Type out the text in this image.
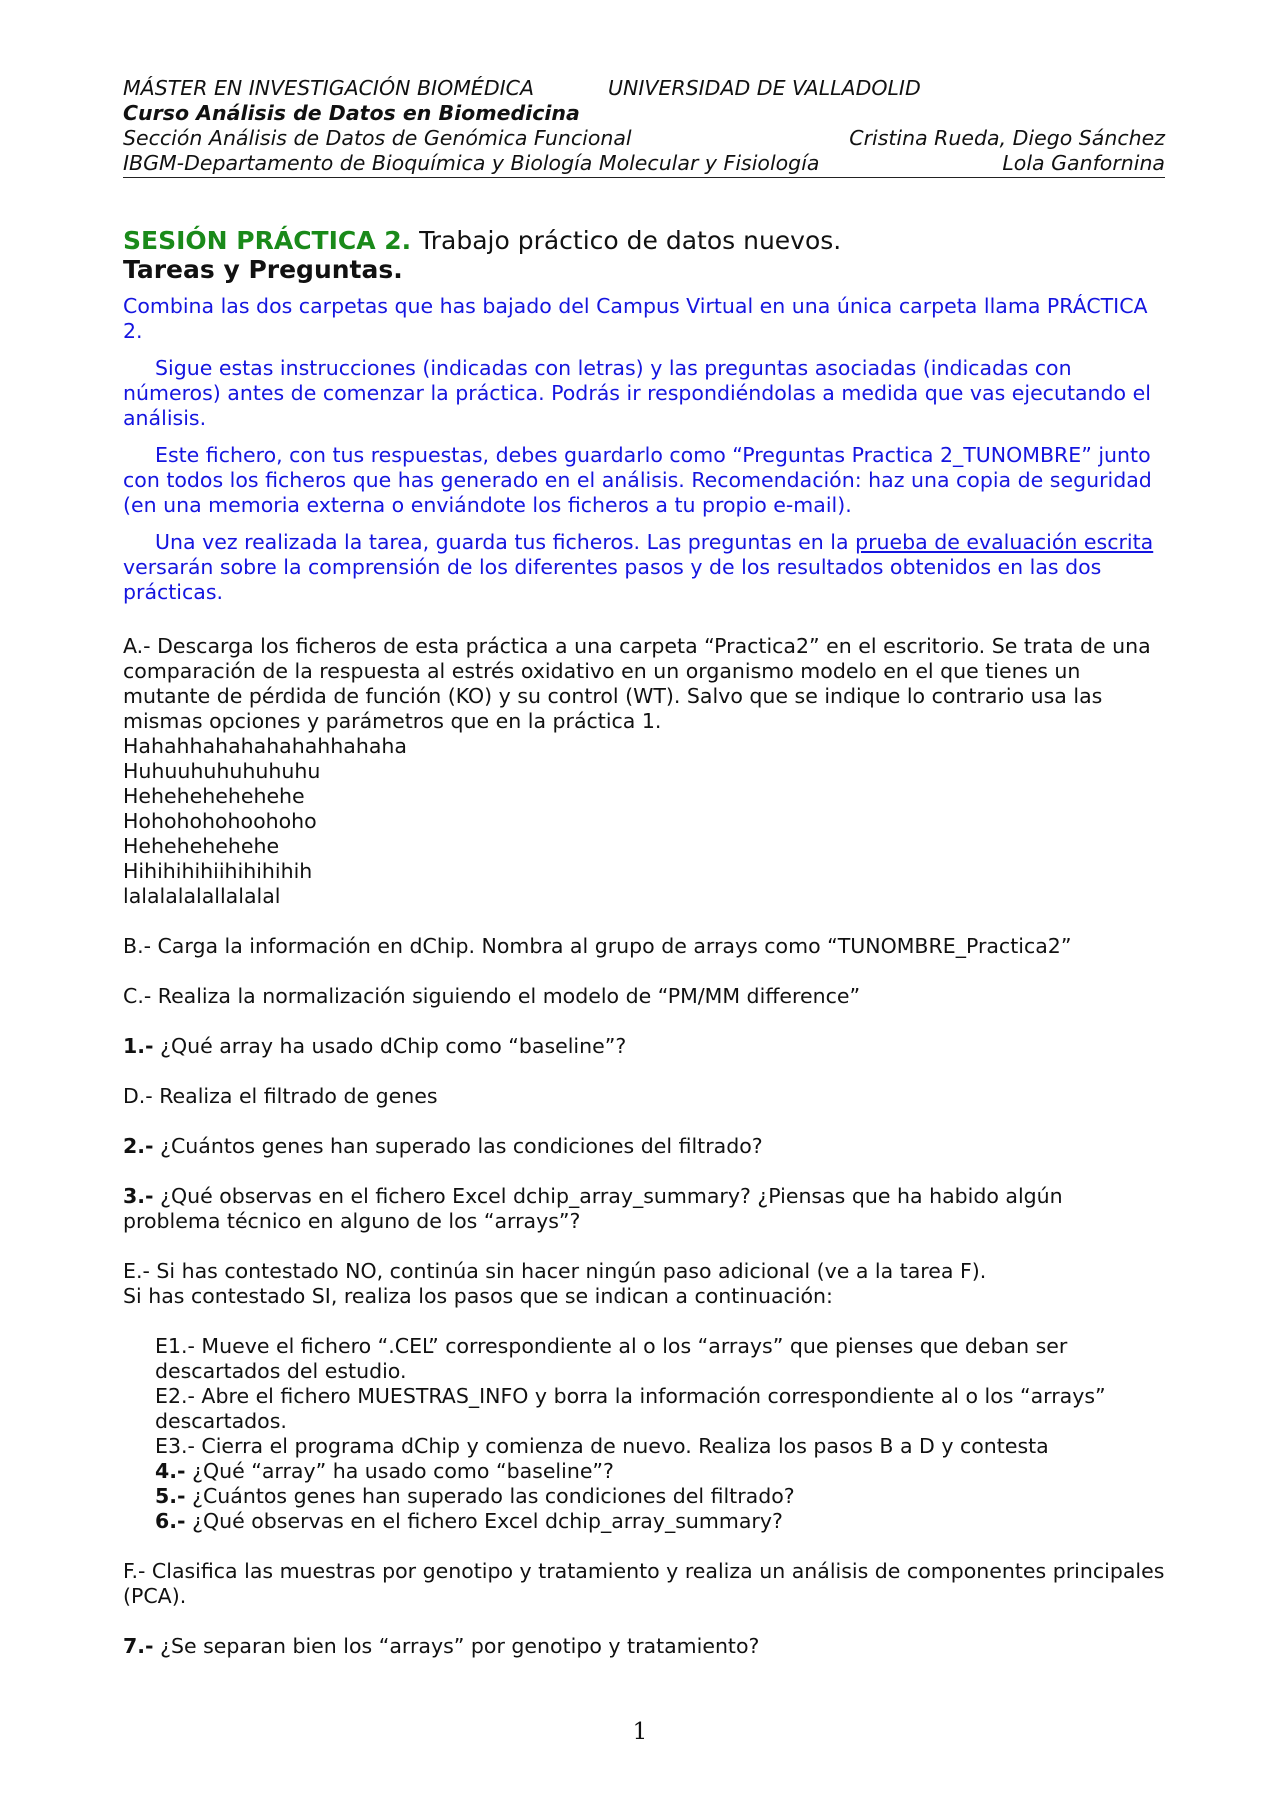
MÁSTER EN INVESTIGACIÓN BIOMÉDICA	UNIVERSIDAD DE VALLADOLID
Curso Análisis de Datos en Biomedicina
Sección Análisis de Datos de Genómica Funcional	Cristina Rueda, Diego Sánchez
IBGM-Departamento de Bioquímica y Biología Molecular y Fisiología	Lola Ganfornina
SESIÓN PRÁCTICA 2. Trabajo práctico de datos nuevos.
Tareas y Preguntas.

Combina las dos carpetas que has bajado del Campus Virtual en una única carpeta llama PRÁCTICA 2.

Sigue estas instrucciones (indicadas con letras) y las preguntas asociadas (indicadas con números) antes de comenzar la práctica. Podrás ir respondiéndolas a medida que vas ejecutando el análisis.

Este fichero, con tus respuestas, debes guardarlo como “Preguntas Practica 2_TUNOMBRE” junto con todos los ficheros que has generado en el análisis. Recomendación: haz una copia de seguridad (en una memoria externa o enviándote los ficheros a tu propio e-mail).

Una vez realizada la tarea, guarda tus ficheros. Las preguntas en la prueba de evaluación escrita versarán sobre la comprensión de los diferentes pasos y de los resultados obtenidos en las dos prácticas.

A.- Descarga los ficheros de esta práctica a una carpeta “Practica2” en el escritorio. Se trata de una comparación de la respuesta al estrés oxidativo en un organismo modelo en el que tienes un mutante de pérdida de función (KO) y su control (WT). Salvo que se indique lo contrario usa las mismas opciones y parámetros que en la práctica 1.

Hahahhahahahahahhahaha

Huhuuhuhuhuhuhu

Hehehehehehehe

Hohohohohoohoho

Hehehehehehe

Hihihihihiihihihihih

lalalalalallalalal

B.- Carga la información en dChip. Nombra al grupo de arrays como “TUNOMBRE_Practica2”

C.- Realiza la normalización siguiendo el modelo de “PM/MM difference”

1.- ¿Qué array ha usado dChip como “baseline”?

D.- Realiza el filtrado de genes

2.- ¿Cuántos genes han superado las condiciones del filtrado?

3.- ¿Qué observas en el fichero Excel dchip_array_summary? ¿Piensas que ha habido algún problema técnico en alguno de los “arrays”?

E.- Si has contestado NO, continúa sin hacer ningún paso adicional (ve a la tarea F).

Si has contestado SI, realiza los pasos que se indican a continuación:

E1.- Mueve el fichero “.CEL” correspondiente al o los “arrays” que pienses que deban ser descartados del estudio.

E2.- Abre el fichero MUESTRAS_INFO y borra la información correspondiente al o los “arrays” descartados.

E3.- Cierra el programa dChip y comienza de nuevo. Realiza los pasos B a D y contesta

4.- ¿Qué “array” ha usado como “baseline”?

5.- ¿Cuántos genes han superado las condiciones del filtrado?

6.- ¿Qué observas en el fichero Excel dchip_array_summary?

F.- Clasifica las muestras por genotipo y tratamiento y realiza un análisis de componentes principales (PCA).

7.- ¿Se separan bien los “arrays” por genotipo y tratamiento?

1
